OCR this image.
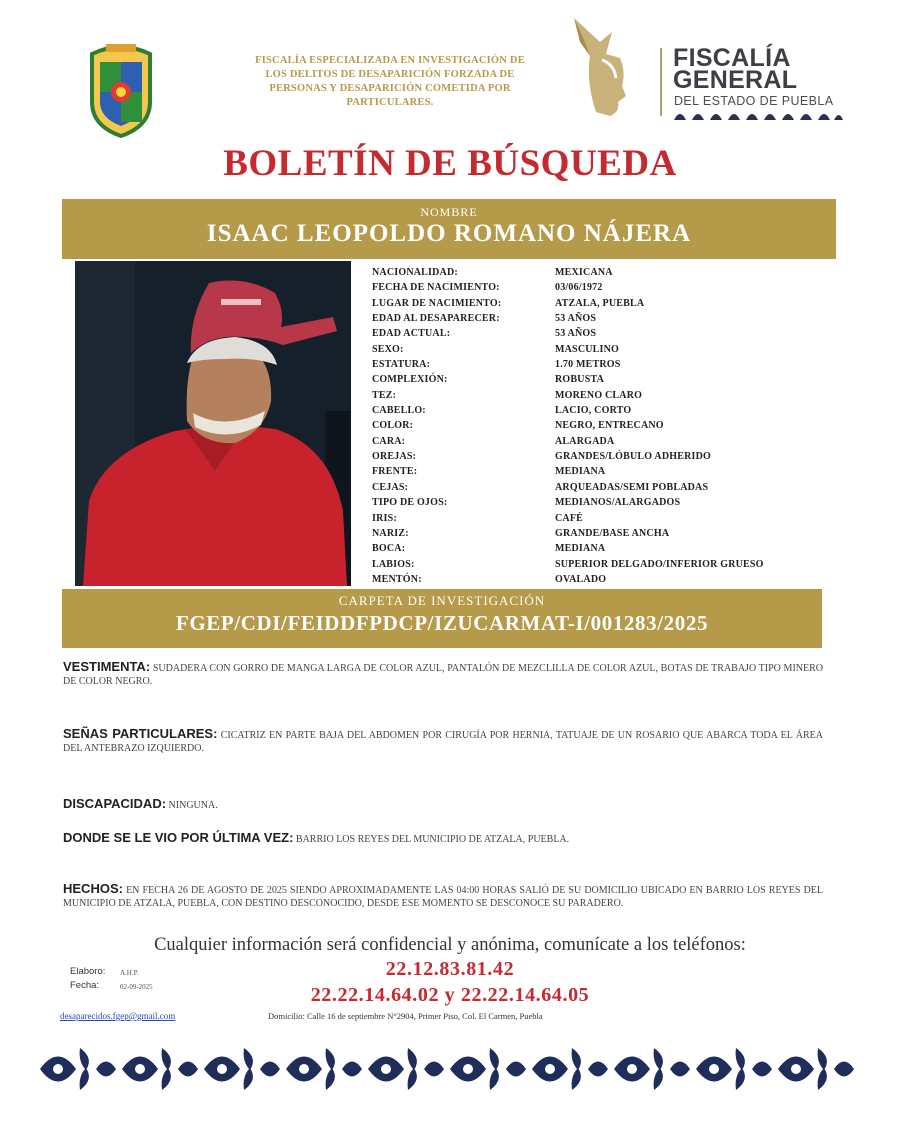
FISCALÍA ESPECIALIZADA EN INVESTIGACIÓN DE
LOS DELITOS DE DESAPARICIÓN FORZADA DE
PERSONAS Y DESAPARICIÓN COMETIDA POR
PARTICULARES.
FISCALÍA
GENERAL
DEL ESTADO DE PUEBLA
BOLETÍN DE BÚSQUEDA
NOMBRE
ISAAC LEOPOLDO ROMANO NÁJERA
NACIONALIDAD:	MEXICANA
FECHA DE NACIMIENTO:	03/06/1972
LUGAR DE NACIMIENTO:	ATZALA, PUEBLA
EDAD AL DESAPARECER:	53 AÑOS
EDAD ACTUAL:	53 AÑOS
SEXO:	MASCULINO
ESTATURA:	1.70 METROS
COMPLEXIÓN:	ROBUSTA
TEZ:	MORENO CLARO
CABELLO:	LACIO, CORTO
COLOR:	NEGRO, ENTRECANO
CARA:	ALARGADA
OREJAS:	GRANDES/LÓBULO ADHERIDO
FRENTE:	MEDIANA
CEJAS:	ARQUEADAS/SEMI POBLADAS
TIPO DE OJOS:	MEDIANOS/ALARGADOS
IRIS:	CAFÉ
NARIZ:	GRANDE/BASE ANCHA
BOCA:	MEDIANA
LABIOS:	SUPERIOR DELGADO/INFERIOR GRUESO
MENTÓN:	OVALADO
CARPETA DE INVESTIGACIÓN
FGEP/CDI/FEIDDFPDCP/IZUCARMAT-I/001283/2025
VESTIMENTA: SUDADERA CON GORRO DE MANGA LARGA DE COLOR AZUL, PANTALÓN DE MEZCLILLA DE COLOR AZUL, BOTAS DE TRABAJO TIPO MINERO DE COLOR NEGRO.
SEÑAS PARTICULARES: CICATRIZ EN PARTE BAJA DEL ABDOMEN POR CIRUGÍA POR HERNIA, TATUAJE DE UN ROSARIO QUE ABARCA TODA EL ÁREA DEL ANTEBRAZO IZQUIERDO.
DISCAPACIDAD: NINGUNA.
DONDE SE LE VIO POR ÚLTIMA VEZ: BARRIO LOS REYES DEL MUNICIPIO DE ATZALA, PUEBLA.
HECHOS: EN FECHA 26 DE AGOSTO DE 2025 SIENDO APROXIMADAMENTE LAS 04:00 HORAS SALIÓ DE SU DOMICILIO UBICADO EN BARRIO LOS REYES DEL MUNICIPIO DE ATZALA, PUEBLA, CON DESTINO DESCONOCIDO, DESDE ESE MOMENTO SE DESCONOCE SU PARADERO.
Cualquier información será confidencial y anónima, comunícate a los teléfonos:
22.12.83.81.42
22.22.14.64.02 y 22.22.14.64.05
Elaboro: A.H.P.
Fecha:	02-09-2025
desaparecidos.fgep@gmail.com	Domicilio: Calle 16 de septiembre N°2904, Primer Piso, Col. El Carmen, Puebla
